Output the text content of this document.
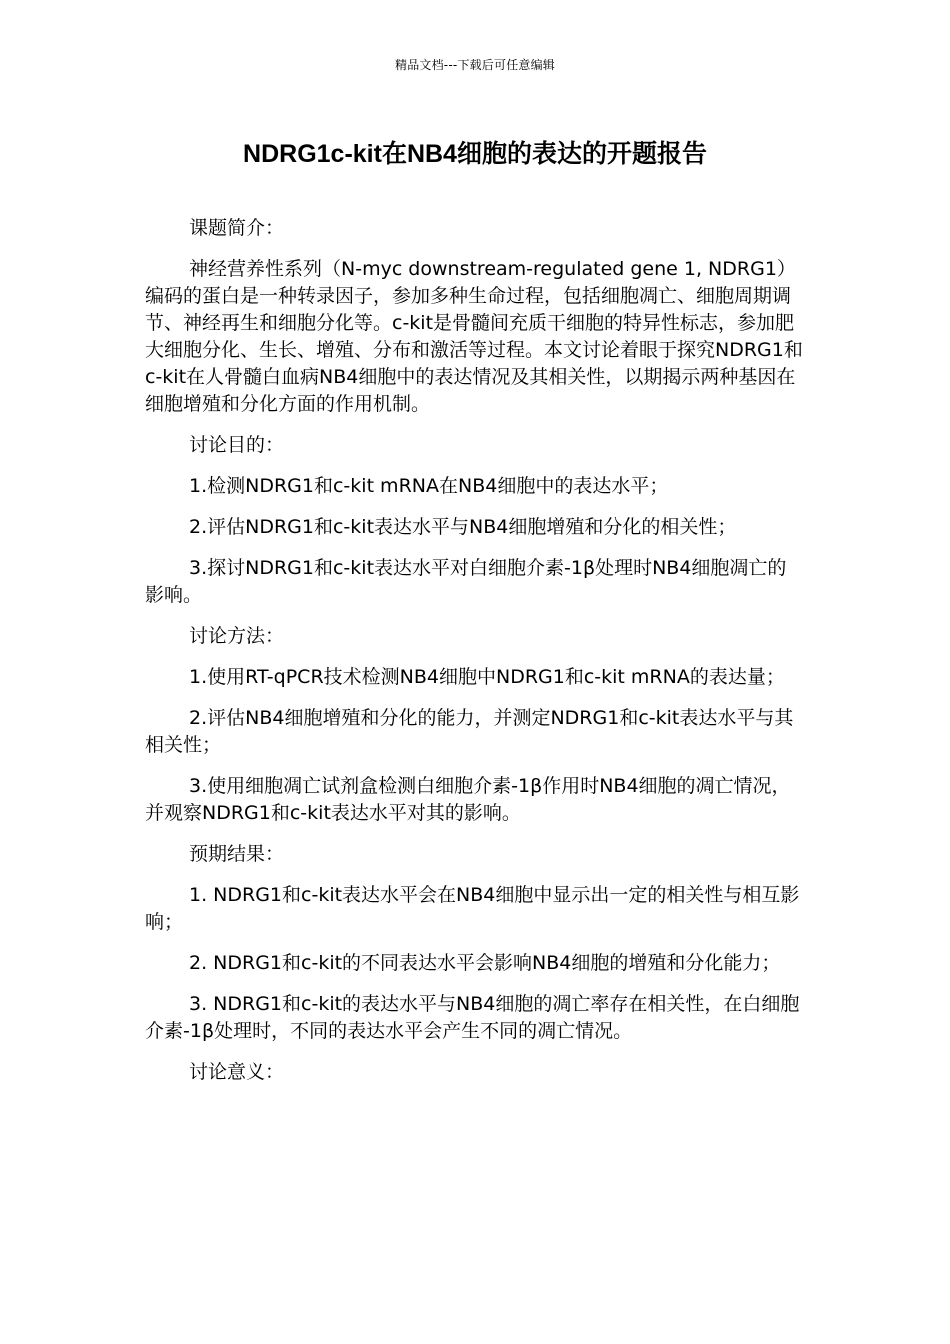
精品文档---下载后可任意编辑
NDRG1c-kit在NB4细胞的表达的开题报告

课题简介：

神经营养性系列（N-myc downstream-regulated gene 1, NDRG1）编码的蛋白是一种转录因子，参加多种生命过程，包括细胞凋亡、细胞周期调节、神经再生和细胞分化等。c-kit是骨髓间充质干细胞的特异性标志，参加肥大细胞分化、生长、增殖、分布和激活等过程。本文讨论着眼于探究NDRG1和c-kit在人骨髓白血病NB4细胞中的表达情况及其相关性，以期揭示两种基因在细胞增殖和分化方面的作用机制。

讨论目的：

1.检测NDRG1和c-kit mRNA在NB4细胞中的表达水平；

2.评估NDRG1和c-kit表达水平与NB4细胞增殖和分化的相关性；

3.探讨NDRG1和c-kit表达水平对白细胞介素-1β处理时NB4细胞凋亡的影响。

讨论方法：

1.使用RT-qPCR技术检测NB4细胞中NDRG1和c-kit mRNA的表达量；

2.评估NB4细胞增殖和分化的能力，并测定NDRG1和c-kit表达水平与其相关性；

3.使用细胞凋亡试剂盒检测白细胞介素-1β作用时NB4细胞的凋亡情况，并观察NDRG1和c-kit表达水平对其的影响。

预期结果：

1. NDRG1和c-kit表达水平会在NB4细胞中显示出一定的相关性与相互影响；

2. NDRG1和c-kit的不同表达水平会影响NB4细胞的增殖和分化能力；

3. NDRG1和c-kit的表达水平与NB4细胞的凋亡率存在相关性，在白细胞介素-1β处理时，不同的表达水平会产生不同的凋亡情况。

讨论意义：
